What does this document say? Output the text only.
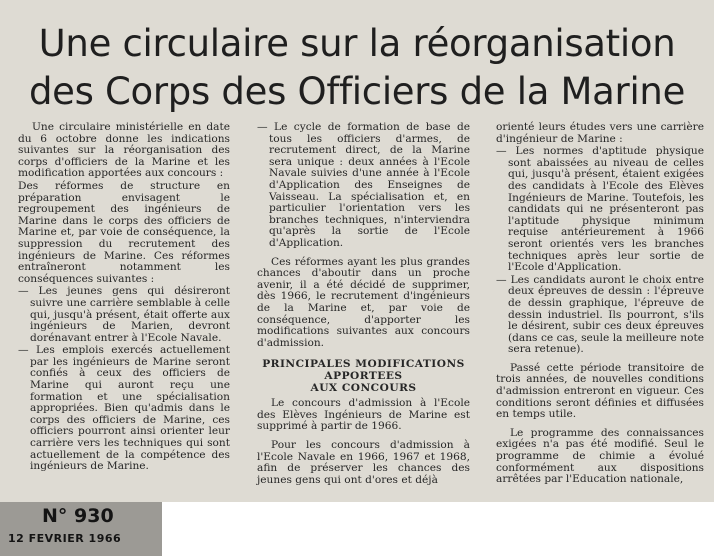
Une circulaire sur la réorganisation
des Corps des Officiers de la Marine

Une circulaire ministérielle en date du 6 octobre donne les indications suivantes sur la réorganisation des corps d'officiers de la Marine et les modification apportées aux concours :

Des réformes de structure en préparation envisagent le regroupement des ingénieurs de Marine dans le corps des officiers de Marine et, par voie de conséquence, la suppression du recrutement des ingénieurs de Marine. Ces réformes entraîneront notamment les conséquences suivantes :

— Les jeunes gens qui désireront suivre une carrière semblable à celle qui, jusqu'à présent, était offerte aux ingénieurs de Marien, devront dorénavant entrer à l'Ecole Navale.

— Les emplois exercés actuellement par les ingénieurs de Marine seront confiés à ceux des officiers de Marine qui auront reçu une formation et une spécialisation appropriées. Bien qu'admis dans le corps des officiers de Marine, ces officiers pourront ainsi orienter leur carrière vers les techniques qui sont actuellement de la compétence des ingénieurs de Marine.

— Le cycle de formation de base de tous les officiers d'armes, de recrutement direct, de la Marine sera unique : deux années à l'Ecole Navale suivies d'une année à l'Ecole d'Application des Enseignes de Vaisseau. La spécialisation et, en particulier l'orientation vers les branches techniques, n'interviendra qu'après la sortie de l'Ecole d'Application.

Ces réformes ayant les plus grandes chances d'aboutir dans un proche avenir, il a été décidé de supprimer, dès 1966, le recrutement d'ingénieurs de la Marine et, par voie de conséquence, d'apporter les modifications suivantes aux concours d'admission.

PRINCIPALES MODIFICATIONS
APPORTEES
AUX CONCOURS

Le concours d'admission à l'Ecole des Elèves Ingénieurs de Marine est supprimé à partir de 1966.

Pour les concours d'admission à l'Ecole Navale en 1966, 1967 et 1968, afin de préserver les chances des jeunes gens qui ont d'ores et déjà

orienté leurs études vers une carrière d'ingénieur de Marine :

— Les normes d'aptitude physique sont abaissées au niveau de celles qui, jusqu'à présent, étaient exigées des candidats à l'Ecole des Elèves Ingénieurs de Marine. Toutefois, les candidats qui ne présenteront pas l'aptitude physique minimum requise antérieurement à 1966 seront orientés vers les branches techniques après leur sortie de l'Ecole d'Application.

— Les candidats auront le choix entre deux épreuves de dessin : l'épreuve de dessin graphique, l'épreuve de dessin industriel. Ils pourront, s'ils le désirent, subir ces deux épreuves (dans ce cas, seule la meilleure note sera retenue).

Passé cette période transitoire de trois années, de nouvelles conditions d'admission entreront en vigueur. Ces conditions seront définies et diffusées en temps utile.

Le programme des connaissances exigées n'a pas été modifié. Seul le programme de chimie a évolué conformément aux dispositions arrêtées par l'Education nationale,

N° 930
12 FEVRIER 1966
